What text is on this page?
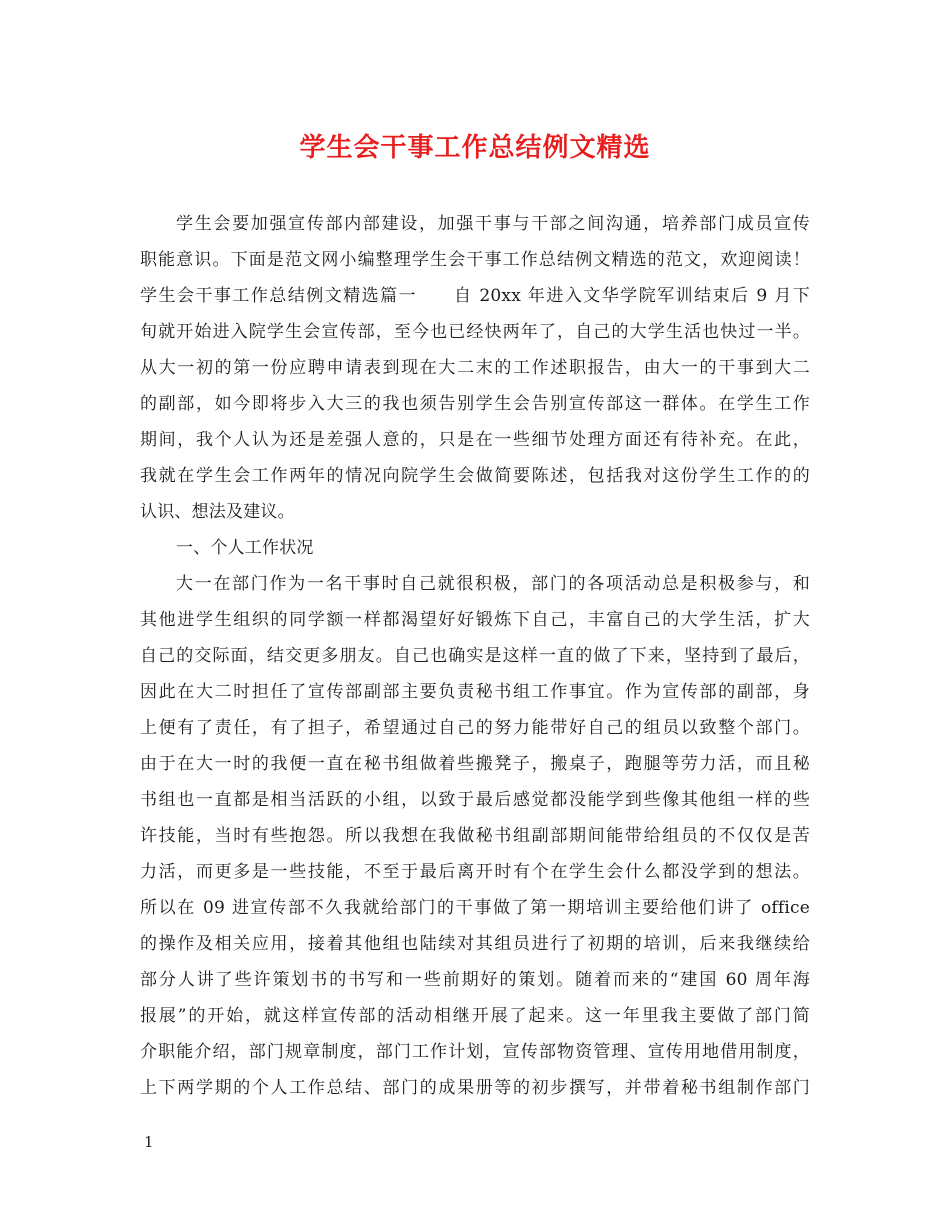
学生会干事工作总结例文精选
学生会要加强宣传部内部建设，加强干事与干部之间沟通，培养部门成员宣传
职能意识。下面是范文网小编整理学生会干事工作总结例文精选的范文，欢迎阅读！
学生会干事工作总结例文精选篇一　　自 20xx 年进入文华学院军训结束后 9 月下
旬就开始进入院学生会宣传部，至今也已经快两年了，自己的大学生活也快过一半。
从大一初的第一份应聘申请表到现在大二末的工作述职报告，由大一的干事到大二
的副部，如今即将步入大三的我也须告别学生会告别宣传部这一群体。在学生工作
期间，我个人认为还是差强人意的，只是在一些细节处理方面还有待补充。在此，
我就在学生会工作两年的情况向院学生会做简要陈述，包括我对这份学生工作的的
认识、想法及建议。
一、个人工作状况
大一在部门作为一名干事时自己就很积极，部门的各项活动总是积极参与，和
其他进学生组织的同学额一样都渴望好好锻炼下自己，丰富自己的大学生活，扩大
自己的交际面，结交更多朋友。自己也确实是这样一直的做了下来，坚持到了最后，
因此在大二时担任了宣传部副部主要负责秘书组工作事宜。作为宣传部的副部，身
上便有了责任，有了担子，希望通过自己的努力能带好自己的组员以致整个部门。
由于在大一时的我便一直在秘书组做着些搬凳子，搬桌子，跑腿等劳力活，而且秘
书组也一直都是相当活跃的小组，以致于最后感觉都没能学到些像其他组一样的些
许技能，当时有些抱怨。所以我想在我做秘书组副部期间能带给组员的不仅仅是苦
力活，而更多是一些技能，不至于最后离开时有个在学生会什么都没学到的想法。
所以在 09 进宣传部不久我就给部门的干事做了第一期培训主要给他们讲了 office
的操作及相关应用，接着其他组也陆续对其组员进行了初期的培训，后来我继续给
部分人讲了些许策划书的书写和一些前期好的策划。随着而来的“建国 60 周年海
报展”的开始，就这样宣传部的活动相继开展了起来。这一年里我主要做了部门简
介职能介绍，部门规章制度，部门工作计划，宣传部物资管理、宣传用地借用制度，
上下两学期的个人工作总结、部门的成果册等的初步撰写，并带着秘书组制作部门
1
